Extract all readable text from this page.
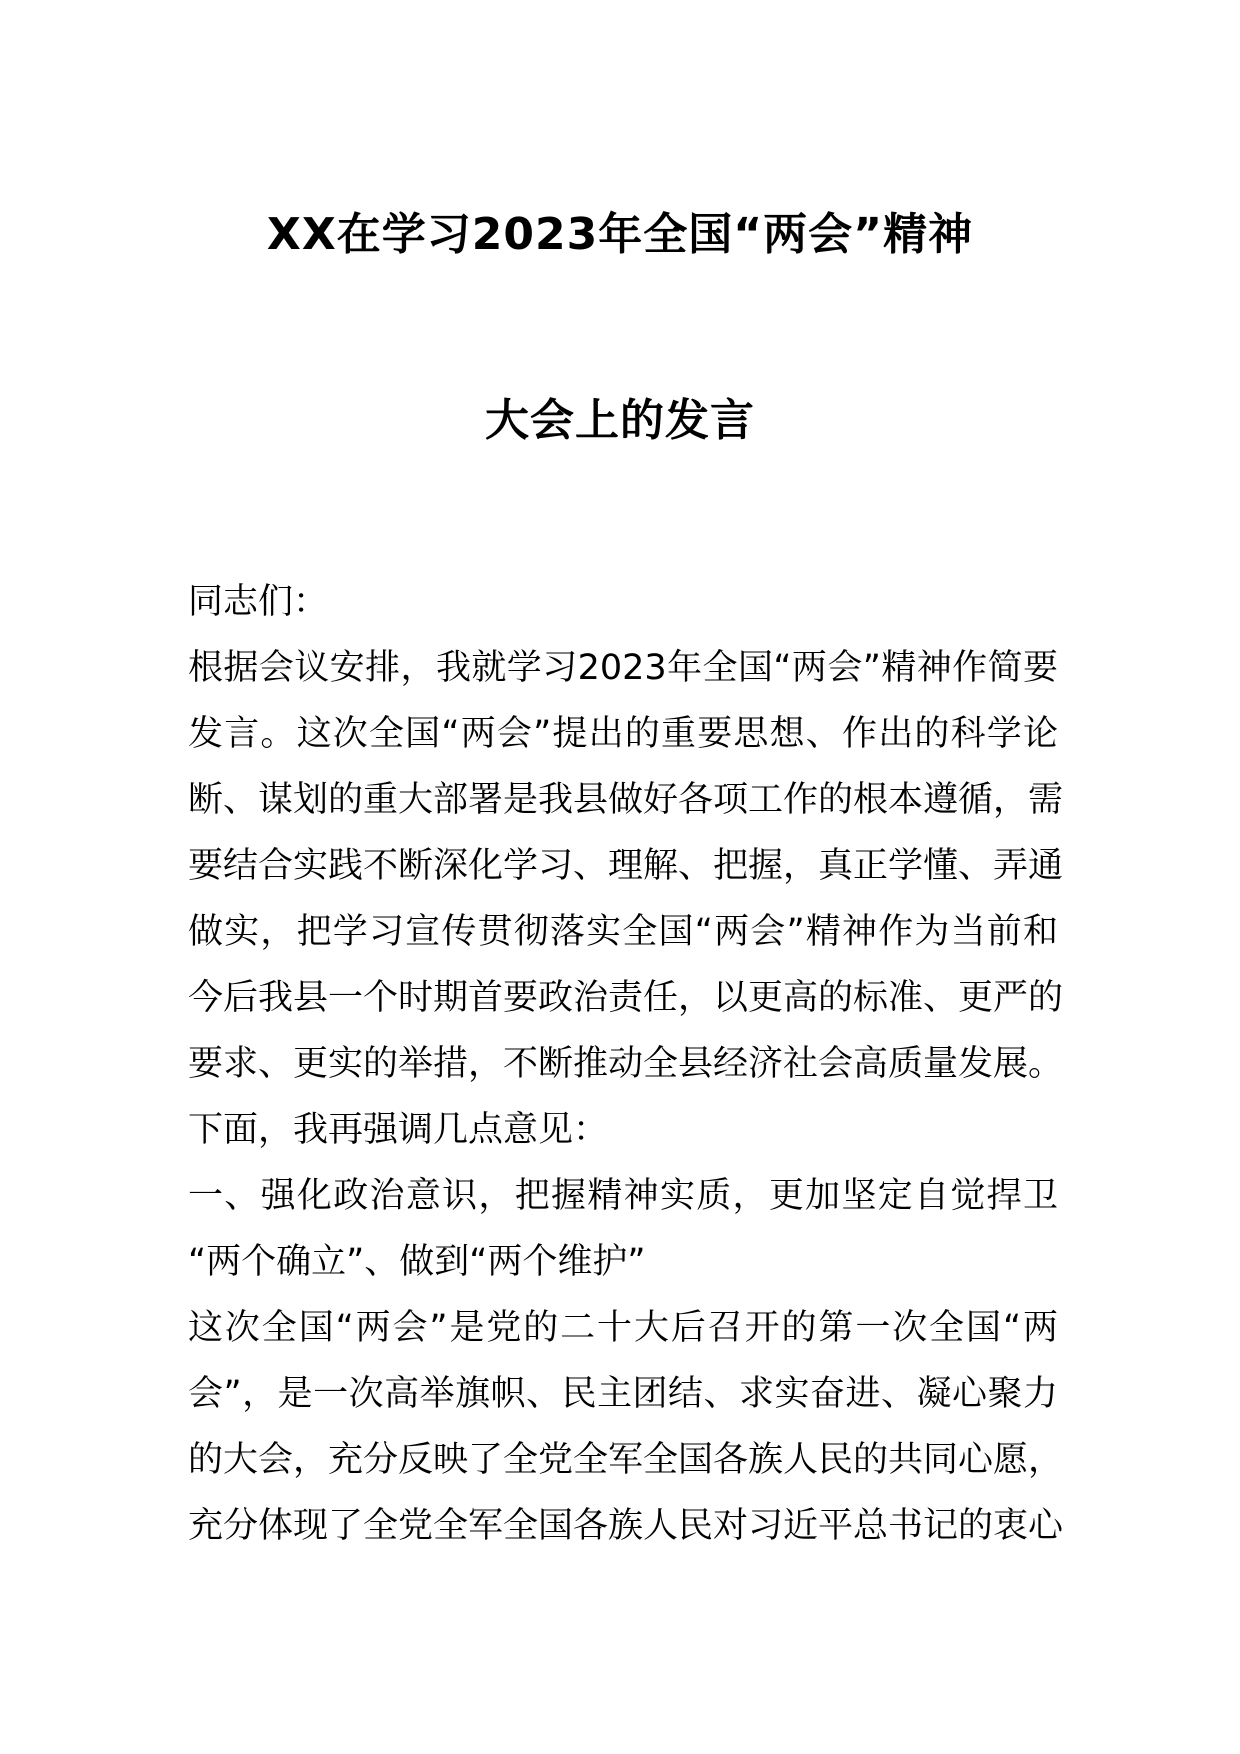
XX在学习2023年全国“两会”精神
大会上的发言
同志们：
根据会议安排，我就学习2023年全国“两会”精神作简要
发言。这次全国“两会”提出的重要思想、作出的科学论
断、谋划的重大部署是我县做好各项工作的根本遵循，需
要结合实践不断深化学习、理解、把握，真正学懂、弄通
做实，把学习宣传贯彻落实全国“两会”精神作为当前和
今后我县一个时期首要政治责任，以更高的标准、更严的
要求、更实的举措，不断推动全县经济社会高质量发展。
下面，我再强调几点意见：
一、强化政治意识，把握精神实质，更加坚定自觉捍卫
“两个确立”、做到“两个维护”
这次全国“两会”是党的二十大后召开的第一次全国“两
会”，是一次高举旗帜、民主团结、求实奋进、凝心聚力
的大会，充分反映了全党全军全国各族人民的共同心愿，
充分体现了全党全军全国各族人民对习近平总书记的衷心
